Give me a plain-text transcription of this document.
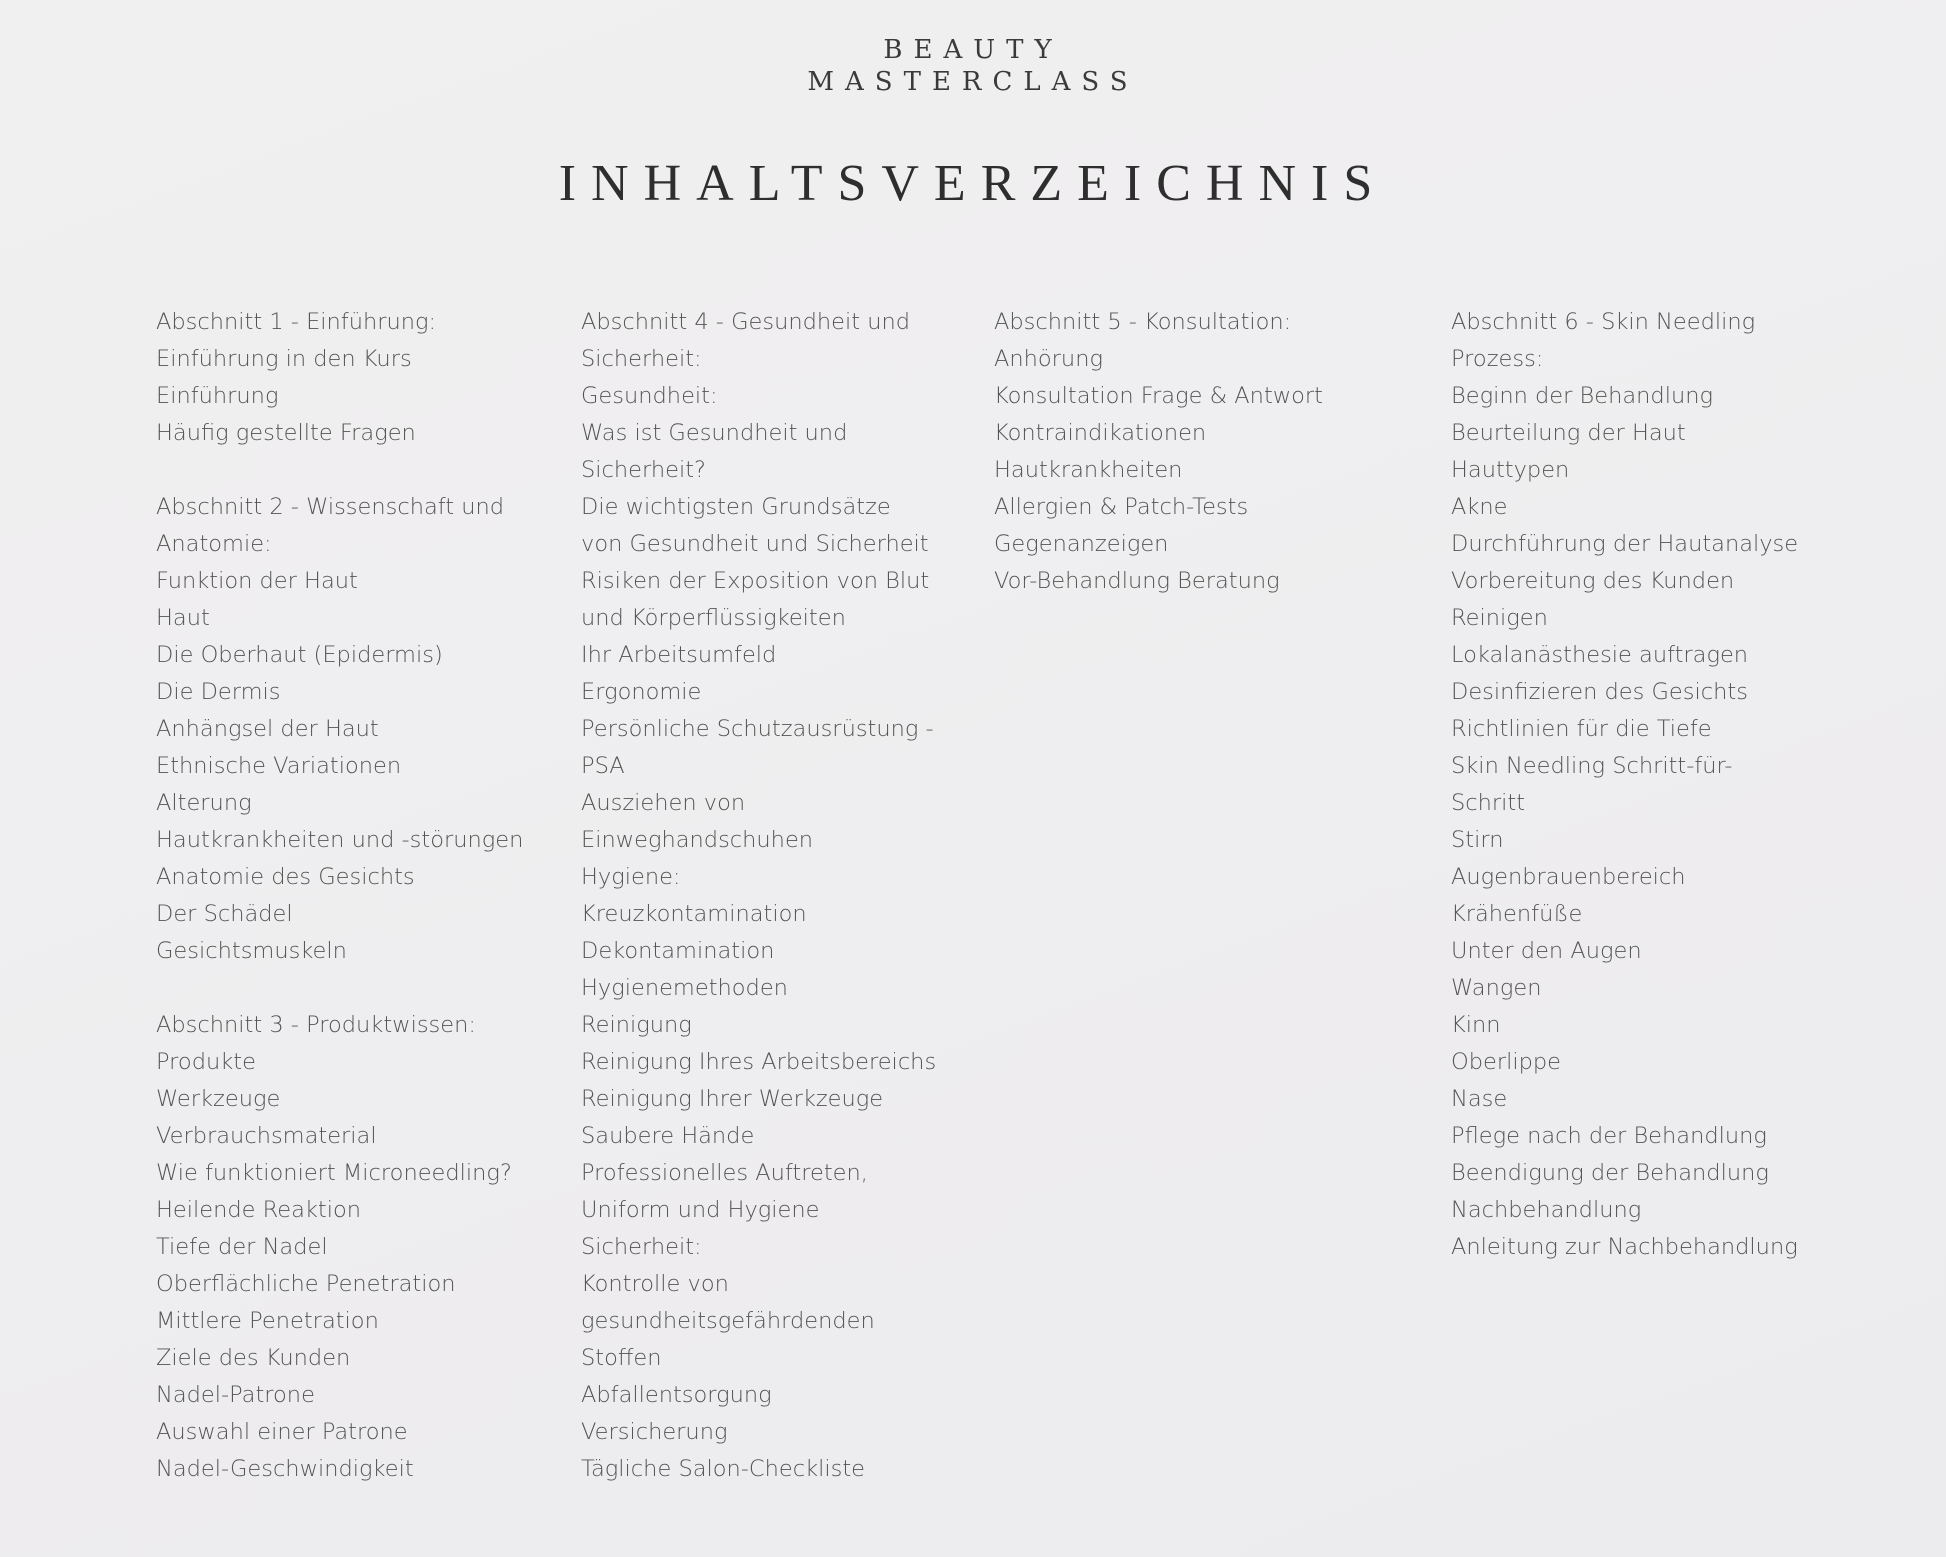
BEAUTY
MASTERCLASS
INHALTSVERZEICHNIS
Abschnitt 1 - Einführung:
Einführung in den Kurs
Einführung
Häufig gestellte Fragen
Abschnitt 2 - Wissenschaft und
Anatomie:
Funktion der Haut
Haut
Die Oberhaut (Epidermis)
Die Dermis
Anhängsel der Haut
Ethnische Variationen
Alterung
Hautkrankheiten und -störungen
Anatomie des Gesichts
Der Schädel
Gesichtsmuskeln
Abschnitt 3 - Produktwissen:
Produkte
Werkzeuge
Verbrauchsmaterial
Wie funktioniert Microneedling?
Heilende Reaktion
Tiefe der Nadel
Oberflächliche Penetration
Mittlere Penetration
Ziele des Kunden
Nadel-Patrone
Auswahl einer Patrone
Nadel-Geschwindigkeit
Abschnitt 4 - Gesundheit und
Sicherheit:
Gesundheit:
Was ist Gesundheit und
Sicherheit?
Die wichtigsten Grundsätze
von Gesundheit und Sicherheit
Risiken der Exposition von Blut
und Körperflüssigkeiten
Ihr Arbeitsumfeld
Ergonomie
Persönliche Schutzausrüstung -
PSA
Ausziehen von
Einweghandschuhen
Hygiene:
Kreuzkontamination
Dekontamination
Hygienemethoden
Reinigung
Reinigung Ihres Arbeitsbereichs
Reinigung Ihrer Werkzeuge
Saubere Hände
Professionelles Auftreten,
Uniform und Hygiene
Sicherheit:
Kontrolle von
gesundheitsgefährdenden
Stoffen
Abfallentsorgung
Versicherung
Tägliche Salon-Checkliste
Abschnitt 5 - Konsultation:
Anhörung
Konsultation Frage & Antwort
Kontraindikationen
Hautkrankheiten
Allergien & Patch-Tests
Gegenanzeigen
Vor-Behandlung Beratung
Abschnitt 6 - Skin Needling
Prozess:
Beginn der Behandlung
Beurteilung der Haut
Hauttypen
Akne
Durchführung der Hautanalyse
Vorbereitung des Kunden
Reinigen
Lokalanästhesie auftragen
Desinfizieren des Gesichts
Richtlinien für die Tiefe
Skin Needling Schritt-für-
Schritt
Stirn
Augenbrauenbereich
Krähenfüße
Unter den Augen
Wangen
Kinn
Oberlippe
Nase
Pflege nach der Behandlung
Beendigung der Behandlung
Nachbehandlung
Anleitung zur Nachbehandlung
